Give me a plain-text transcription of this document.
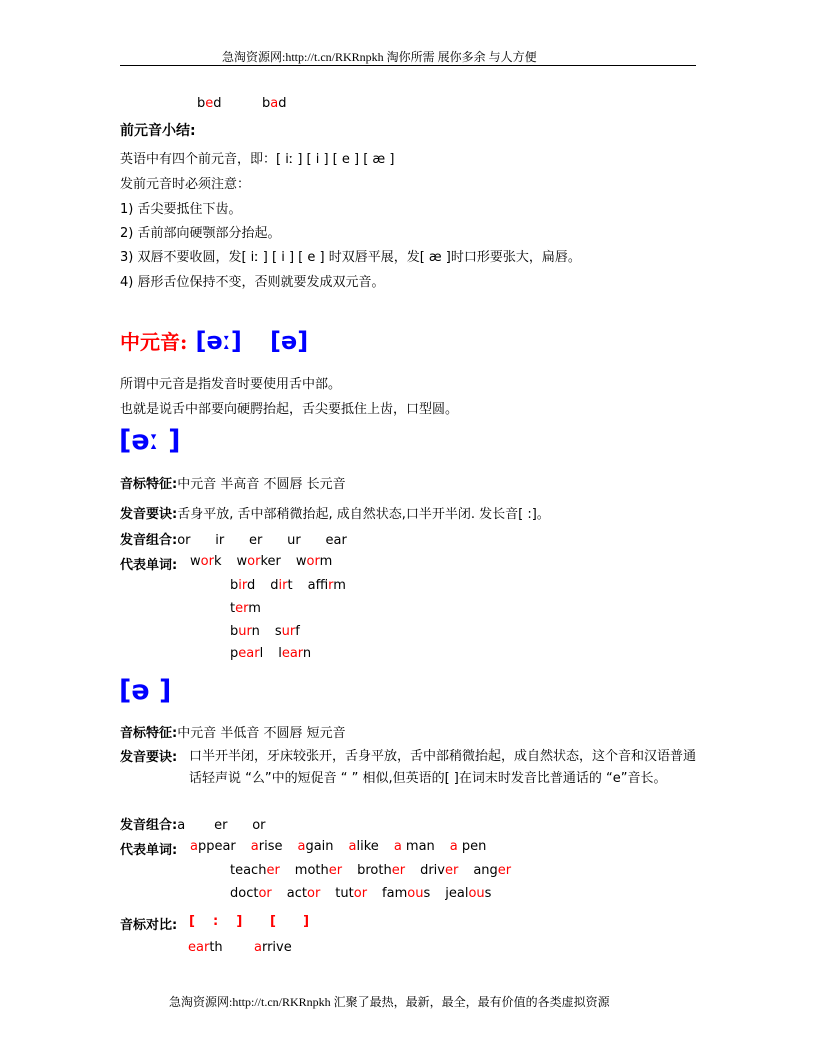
急淘资源网:http://t.cn/RKRnpkh 淘你所需 展你多余 与人方便
bed	bad
前元音小结:
英语中有四个前元音，即：[ iː ] [ i ] [ e ] [ æ ]
发前元音时必须注意：
1) 舌尖要抵住下齿。
2) 舌前部向硬颚部分抬起。
3) 双唇不要收圆，发[ iː ] [ i ] [ e ] 时双唇平展，发[ æ ]时口形要张大，扁唇。
4) 唇形舌位保持不变，否则就要发成双元音。
中元音: [əː] [ə]
所谓中元音是指发音时要使用舌中部。
也就是说舌中部要向硬腭抬起，舌尖要抵住上齿，口型圆。
[əː ]
音标特征:中元音 半高音 不圆唇 长元音
发音要诀:舌身平放, 舌中部稍微抬起, 成自然状态,口半开半闭. 发长音[ :]。
发音组合:or      ir      er      ur      ear
代表单词: work worker worm
bird dirt affirm
term
burn surf
pearl learn
[ə ]
音标特征:中元音 半低音 不圆唇 短元音
发音要诀: 口半开半闭，牙床较张开，舌身平放，舌中部稍微抬起，成自然状态，这个音和汉语普通话轻声说 “么”中的短促音 “ ” 相似,但英语的[ ]在词末时发音比普通话的 “e”音长。
发音组合:a       er      or
代表单词: appear arise again alike a man a pen
teacher mother brother driver anger
doctor actor tutor famous jealous
音标对比: [    :    ] [      ]
earth arrive
急淘资源网:http://t.cn/RKRnpkh 汇聚了最热，最新，最全，最有价值的各类虚拟资源
